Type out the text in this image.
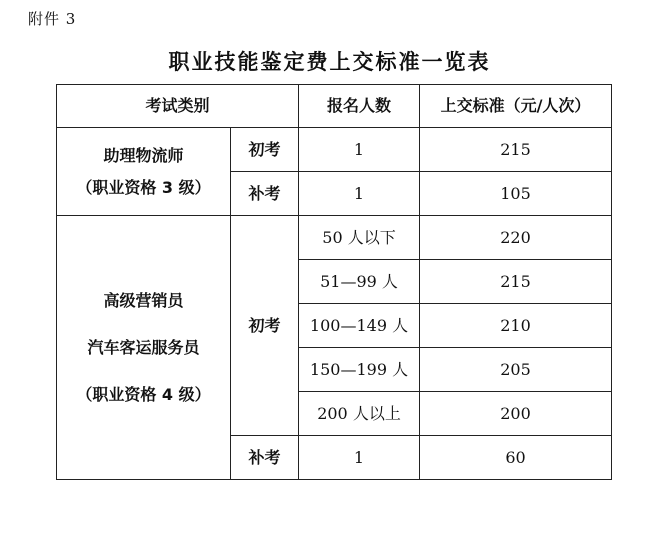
附件 3
职业技能鉴定费上交标准一览表
考试类别		报名人数	上交标准（元/人次）

助理物流师
（职业资格 3 级）	初考	1	215
	补考	1	105

高级营销员
汽车客运服务员
（职业资格 4 级）	初考	50 人以下	220
		51—99 人	215
		100—149 人	210
		150—199 人	205
		200 人以上	200
	补考	1	60
